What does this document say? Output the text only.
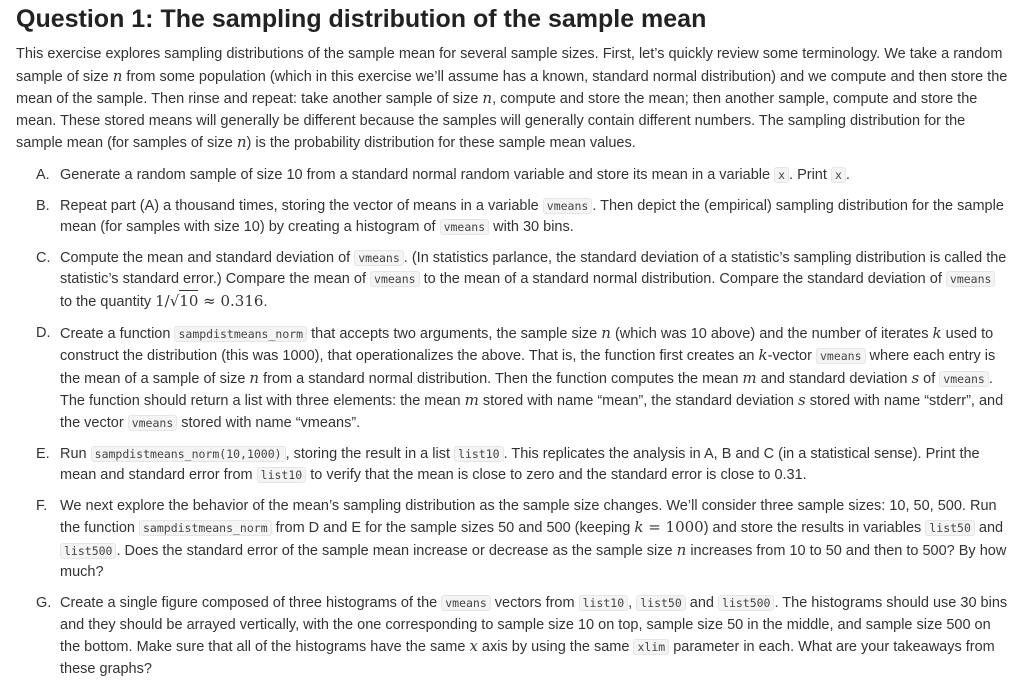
Question 1: The sampling distribution of the sample mean

This exercise explores sampling distributions of the sample mean for several sample sizes. First, let’s quickly review some terminology. We take a random sample of size n from some population (which in this exercise we’ll assume has a known, standard normal distribution) and we compute and then store the mean of the sample. Then rinse and repeat: take another sample of size n, compute and store the mean; then another sample, compute and store the mean. These stored means will generally be different because the samples will generally contain different numbers. The sampling distribution for the sample mean (for samples of size n) is the probability distribution for these sample mean values.

A. Generate a random sample of size 10 from a standard normal random variable and store its mean in a variable x . Print x .
B. Repeat part (A) a thousand times, storing the vector of means in a variable vmeans . Then depict the (empirical) sampling distribution for the sample mean (for samples with size 10) by creating a histogram of vmeans with 30 bins.
C. Compute the mean and standard deviation of vmeans . (In statistics parlance, the standard deviation of a statistic’s sampling distribution is called the statistic’s standard error.) Compare the mean of vmeans to the mean of a standard normal distribution. Compare the standard deviation of vmeans to the quantity 1/√10 ≈ 0.316.
D. Create a function sampdistmeans_norm that accepts two arguments, the sample size n (which was 10 above) and the number of iterates k used to construct the distribution (this was 1000), that operationalizes the above. That is, the function first creates an k-vector vmeans where each entry is the mean of a sample of size n from a standard normal distribution. Then the function computes the mean m and standard deviation s of vmeans . The function should return a list with three elements: the mean m stored with name “mean”, the standard deviation s stored with name “stderr”, and the vector vmeans stored with name “vmeans”.
E. Run sampdistmeans_norm(10,1000) , storing the result in a list list10 . This replicates the analysis in A, B and C (in a statistical sense). Print the mean and standard error from list10 to verify that the mean is close to zero and the standard error is close to 0.31.
F. We next explore the behavior of the mean’s sampling distribution as the sample size changes. We’ll consider three sample sizes: 10, 50, 500. Run the function sampdistmeans_norm from D and E for the sample sizes 50 and 500 (keeping k = 1000) and store the results in variables list50 and list500 . Does the standard error of the sample mean increase or decrease as the sample size n increases from 10 to 50 and then to 500? By how much?
G. Create a single figure composed of three histograms of the vmeans vectors from list10 , list50 and list500 . The histograms should use 30 bins and they should be arrayed vertically, with the one corresponding to sample size 10 on top, sample size 50 in the middle, and sample size 500 on the bottom. Make sure that all of the histograms have the same x axis by using the same xlim parameter in each. What are your takeaways from these graphs?
